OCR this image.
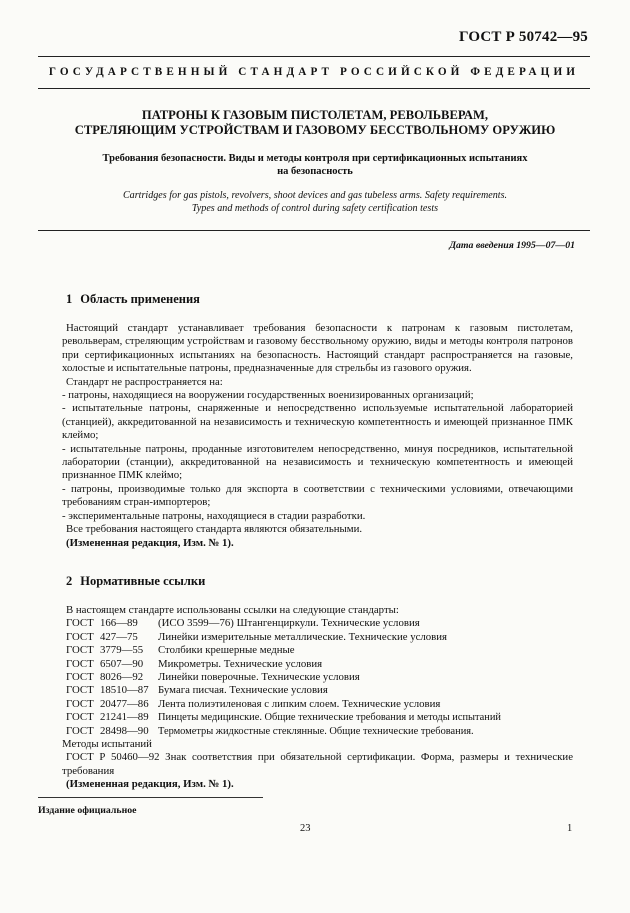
ГОСТ Р 50742—95
ГОСУДАРСТВЕННЫЙ СТАНДАРТ РОССИЙСКОЙ ФЕДЕРАЦИИ
ПАТРОНЫ К ГАЗОВЫМ ПИСТОЛЕТАМ, РЕВОЛЬВЕРАМ,
СТРЕЛЯЮЩИМ УСТРОЙСТВАМ И ГАЗОВОМУ БЕССТВОЛЬНОМУ ОРУЖИЮ
Требования безопасности. Виды и методы контроля при сертификационных испытаниях
на безопасность
Cartridges for gas pistols, revolvers, shoot devices and gas tubeless arms. Safety requirements.
Types and methods of control during safety certification tests
Дата введения 1995—07—01
1 Область применения

Настоящий стандарт устанавливает требования безопасности к патронам к газовым пистолетам, револьверам, стреляющим устройствам и газовому бесствольному оружию, виды и методы контроля патронов при сертификационных испытаниях на безопасность. Настоящий стандарт распространяется на газовые, холостые и испытательные патроны, предназначенные для стрельбы из газового оружия.

Стандарт не распространяется на:

- патроны, находящиеся на вооружении государственных военизированных организаций;

- испытательные патроны, снаряженные и непосредственно используемые испытательной лабораторией (станцией), аккредитованной на независимость и техническую компетентность и имеющей признанное ПМК клеймо;

- испытательные патроны, проданные изготовителем непосредственно, минуя посредников, испытательной лаборатории (станции), аккредитованной на независимость и техническую компетентность и имеющей признанное ПМК клеймо;

- патроны, производимые только для экспорта в соответствии с техническими условиями, отвечающими требованиям стран-импортеров;

- экспериментальные патроны, находящиеся в стадии разработки.

Все требования настоящего стандарта являются обязательными.

(Измененная редакция, Изм. № 1).

2 Нормативные ссылки
В настоящем стандарте использованы ссылки на следующие стандарты:
ГОСТ 166—89	(ИСО 3599—76) Штангенциркули. Технические условия
ГОСТ 427—75	Линейки измерительные металлические. Технические условия
ГОСТ 3779—55	Столбики крешерные медные
ГОСТ 6507—90	Микрометры. Технические условия
ГОСТ 8026—92	Линейки поверочные. Технические условия
ГОСТ 18510—87 Бумага писчая. Технические условия
ГОСТ 20477—86 Лента полиэтиленовая с липким слоем. Технические условия
ГОСТ 21241—89 Пинцеты медицинские. Общие технические требования и методы испытаний
ГОСТ 28498—90 Термометры жидкостные стеклянные. Общие технические требования.
Методы испытаний
ГОСТ Р 50460—92 Знак соответствия при обязательной сертификации. Форма, размеры и технические требования
(Измененная редакция, Изм. № 1).
Издание официальное
23	1
